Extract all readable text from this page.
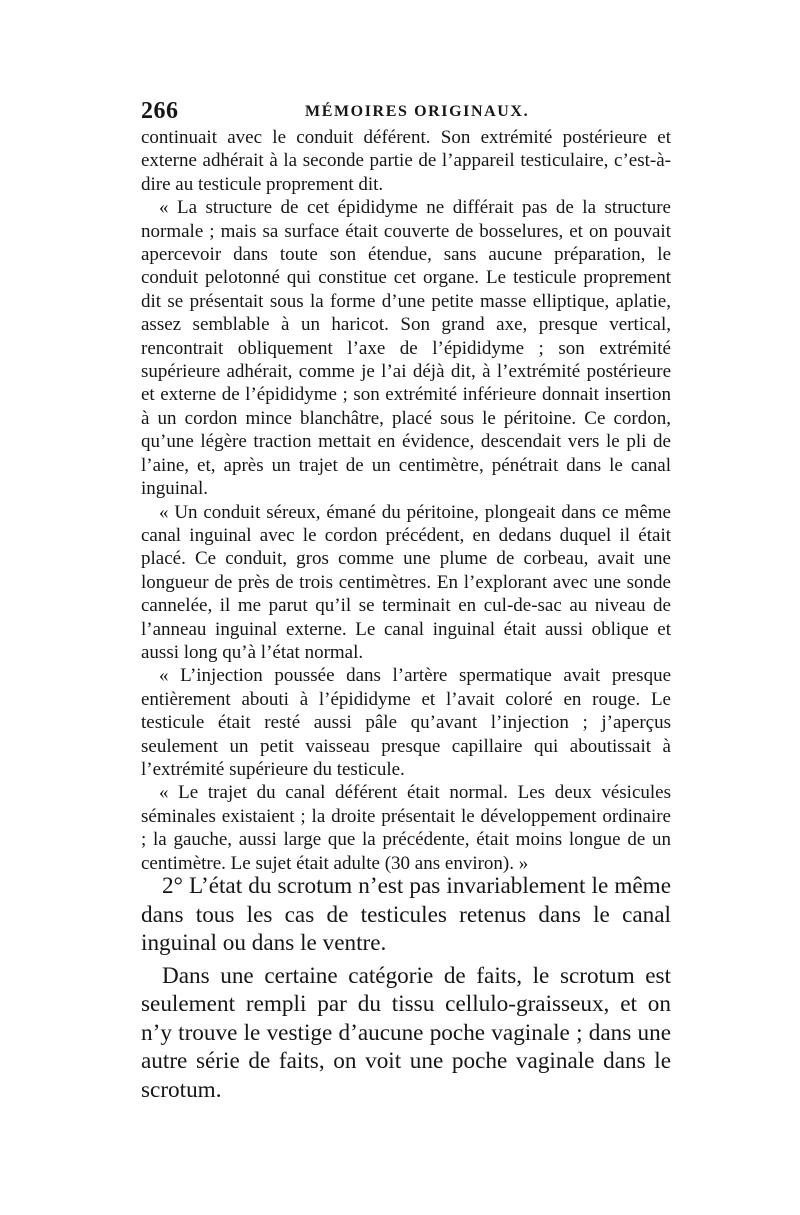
266	MÉMOIRES ORIGINAUX.

continuait avec le conduit déférent. Son extrémité postérieure et externe adhérait à la seconde partie de l’appareil testiculaire, c’est-à-dire au testicule proprement dit.

« La structure de cet épididyme ne différait pas de la structure normale ; mais sa surface était couverte de bosselures, et on pouvait apercevoir dans toute son étendue, sans aucune préparation, le conduit pelotonné qui constitue cet organe. Le testicule proprement dit se présentait sous la forme d’une petite masse elliptique, aplatie, assez semblable à un haricot. Son grand axe, presque vertical, rencontrait obliquement l’axe de l’épididyme ; son extrémité supérieure adhérait, comme je l’ai déjà dit, à l’extrémité postérieure et externe de l’épididyme ; son extrémité inférieure donnait insertion à un cordon mince blanchâtre, placé sous le péritoine. Ce cordon, qu’une légère traction mettait en évidence, descendait vers le pli de l’aine, et, après un trajet de un centimètre, pénétrait dans le canal inguinal.

« Un conduit séreux, émané du péritoine, plongeait dans ce même canal inguinal avec le cordon précédent, en dedans duquel il était placé. Ce conduit, gros comme une plume de corbeau, avait une longueur de près de trois centimètres. En l’explorant avec une sonde cannelée, il me parut qu’il se terminait en cul-de-sac au niveau de l’anneau inguinal externe. Le canal inguinal était aussi oblique et aussi long qu’à l’état normal.

« L’injection poussée dans l’artère spermatique avait presque entièrement abouti à l’épididyme et l’avait coloré en rouge. Le testicule était resté aussi pâle qu’avant l’injection ; j’aperçus seulement un petit vaisseau presque capillaire qui aboutissait à l’extrémité supérieure du testicule.

« Le trajet du canal déférent était normal. Les deux vésicules séminales existaient ; la droite présentait le développement ordinaire ; la gauche, aussi large que la précédente, était moins longue de un centimètre. Le sujet était adulte (30 ans environ). »

2° L’état du scrotum n’est pas invariablement le même dans tous les cas de testicules retenus dans le canal inguinal ou dans le ventre.

Dans une certaine catégorie de faits, le scrotum est seulement rempli par du tissu cellulo-graisseux, et on n’y trouve le vestige d’aucune poche vaginale ; dans une autre série de faits, on voit une poche vaginale dans le scrotum.
